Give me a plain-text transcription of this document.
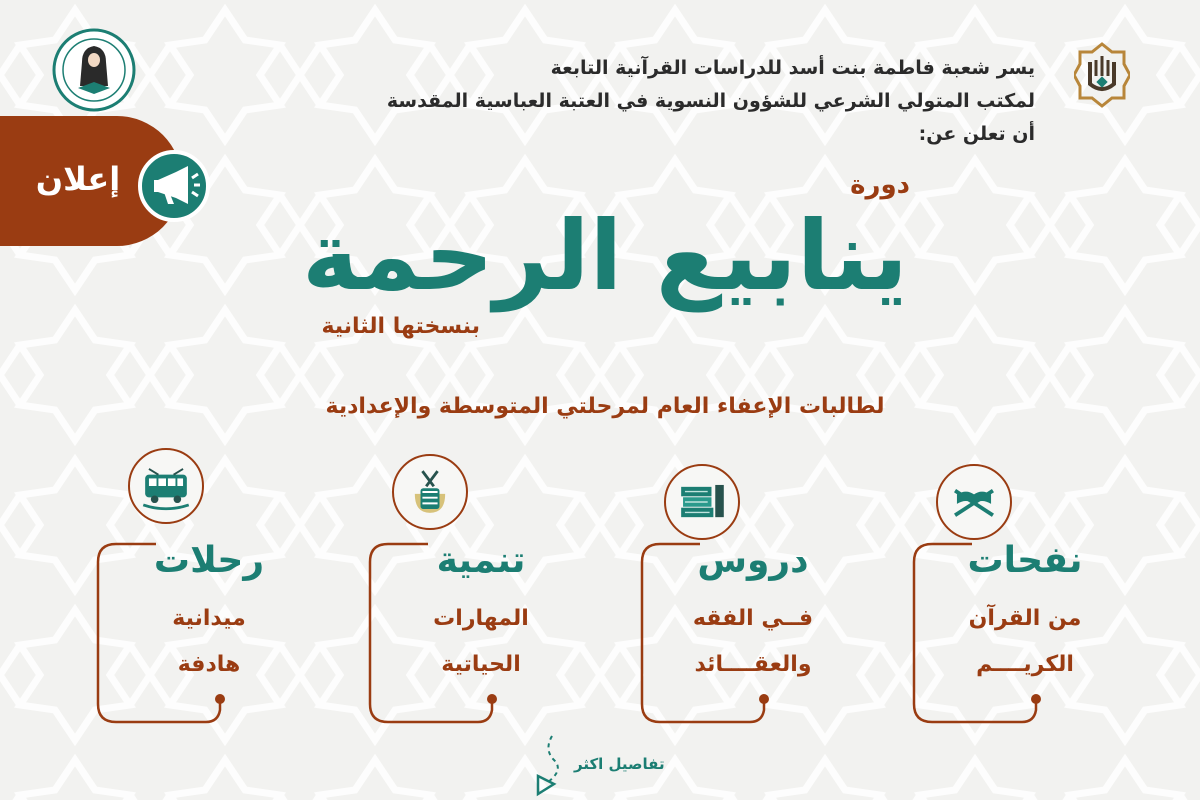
يسر شعبة فاطمة بنت أسد للدراسات القرآنية التابعة
لمكتب المتولي الشرعي للشؤون النسوية في العتبة العباسية المقدسة
أن تعلن عن:
إعلان	دورة
ينابيع الرحمة
بنسختها الثانية
لطالبات الإعفاء العام لمرحلتي المتوسطة والإعدادية
نفحات
من القرآن
الكريــــم
دروس
فــي الفقه
والعقــــائد
تنمية
المهارات
الحياتية
رحلات
ميدانية
هادفة
تفاصيل اكثر
